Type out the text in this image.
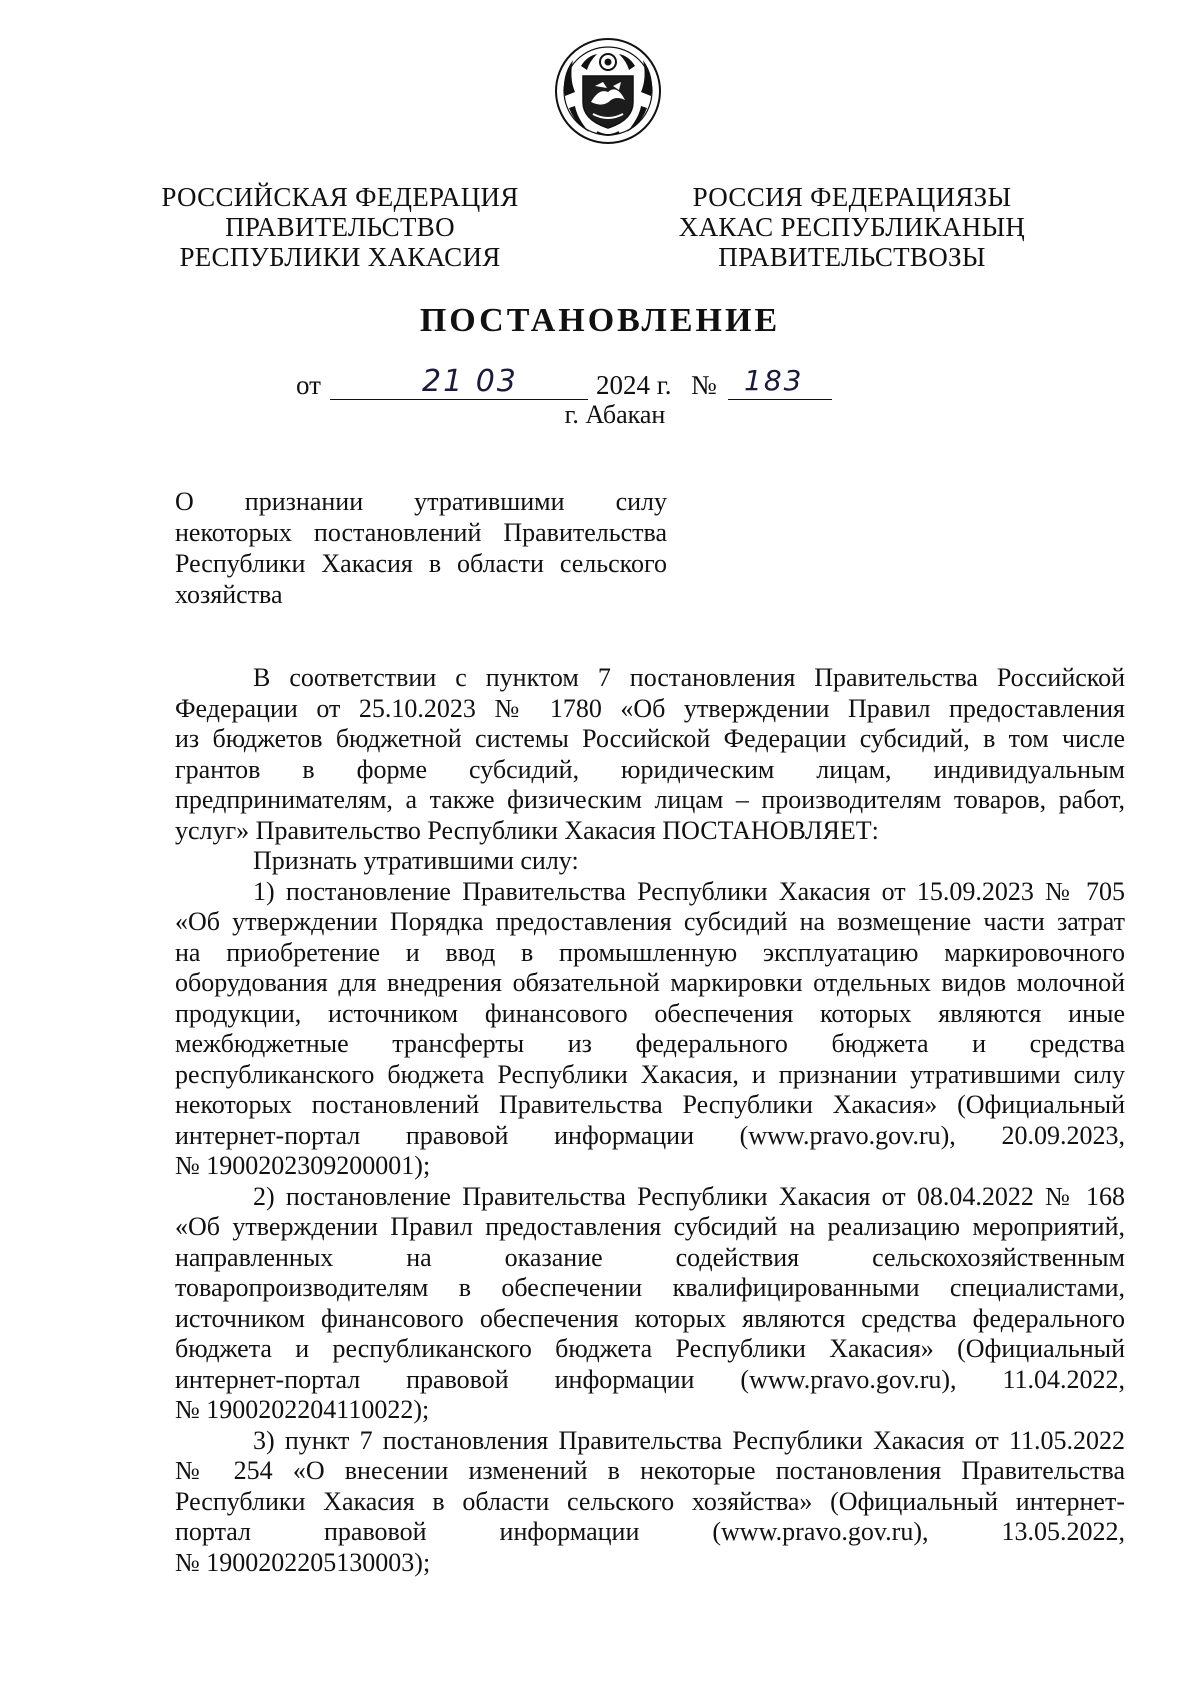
РОССИЙСКАЯ ФЕДЕРАЦИЯ
ПРАВИТЕЛЬСТВО
РЕСПУБЛИКИ ХАКАСИЯ
РОССИЯ ФЕДЕРАЦИЯЗЫ
ХАКАС РЕСПУБЛИКАНЫҢ
ПРАВИТЕЛЬСТВОЗЫ
ПОСТАНОВЛЕНИЕ
от	21 03	2024 г. № 183
г. Абакан
О признании утратившими силу
некоторых постановлений Правительства
Республики Хакасия в области сельского
хозяйства
В соответствии с пунктом 7 постановления Правительства Российской
Федерации от 25.10.2023 № 1780 «Об утверждении Правил предоставления
из бюджетов бюджетной системы Российской Федерации субсидий, в том числе
грантов в форме субсидий, юридическим лицам, индивидуальным
предпринимателям, а также физическим лицам – производителям товаров, работ,
услуг» Правительство Республики Хакасия ПОСТАНОВЛЯЕТ:
Признать утратившими силу:
1) постановление Правительства Республики Хакасия от 15.09.2023 № 705
«Об утверждении Порядка предоставления субсидий на возмещение части затрат
на приобретение и ввод в промышленную эксплуатацию маркировочного
оборудования для внедрения обязательной маркировки отдельных видов молочной
продукции, источником финансового обеспечения которых являются иные
межбюджетные трансферты из федерального бюджета и средства
республиканского бюджета Республики Хакасия, и признании утратившими силу
некоторых постановлений Правительства Республики Хакасия» (Официальный
интернет-портал правовой информации (www.pravo.gov.ru), 20.09.2023,
№ 1900202309200001);
2) постановление Правительства Республики Хакасия от 08.04.2022 № 168
«Об утверждении Правил предоставления субсидий на реализацию мероприятий,
направленных на оказание содействия сельскохозяйственным
товаропроизводителям в обеспечении квалифицированными специалистами,
источником финансового обеспечения которых являются средства федерального
бюджета и республиканского бюджета Республики Хакасия» (Официальный
интернет-портал правовой информации (www.pravo.gov.ru), 11.04.2022,
№ 1900202204110022);
3) пункт 7 постановления Правительства Республики Хакасия от 11.05.2022
№ 254 «О внесении изменений в некоторые постановления Правительства
Республики Хакасия в области сельского хозяйства» (Официальный интернет-
портал правовой информации (www.pravo.gov.ru), 13.05.2022,
№ 1900202205130003);
